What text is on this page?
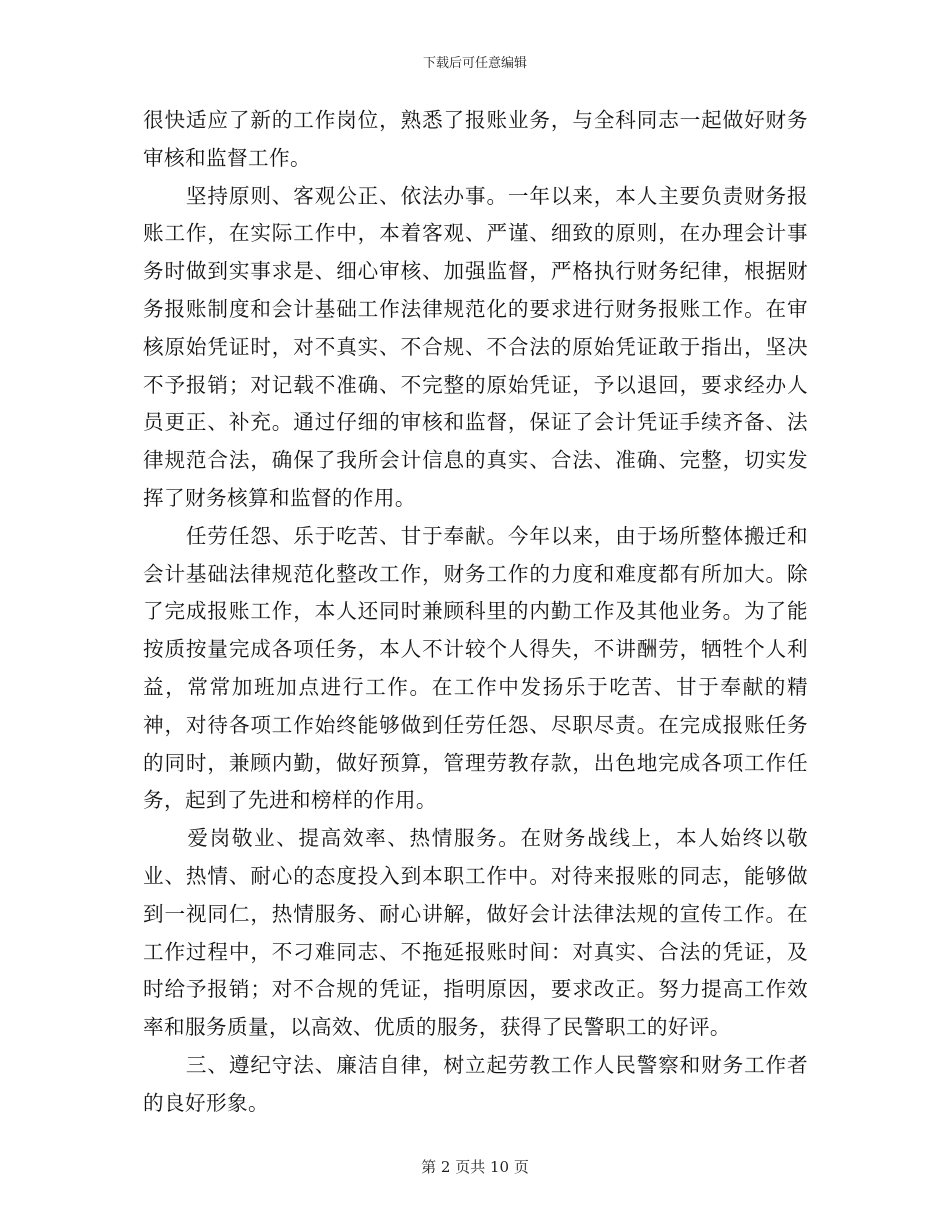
下载后可任意编辑

很快适应了新的工作岗位，熟悉了报账业务，与全科同志一起做好财务审核和监督工作。

　　坚持原则、客观公正、依法办事。一年以来，本人主要负责财务报账工作，在实际工作中，本着客观、严谨、细致的原则，在办理会计事务时做到实事求是、细心审核、加强监督，严格执行财务纪律，根据财务报账制度和会计基础工作法律规范化的要求进行财务报账工作。在审核原始凭证时，对不真实、不合规、不合法的原始凭证敢于指出，坚决不予报销；对记载不准确、不完整的原始凭证，予以退回，要求经办人员更正、补充。通过仔细的审核和监督，保证了会计凭证手续齐备、法律规范合法，确保了我所会计信息的真实、合法、准确、完整，切实发挥了财务核算和监督的作用。

　　任劳任怨、乐于吃苦、甘于奉献。今年以来，由于场所整体搬迁和会计基础法律规范化整改工作，财务工作的力度和难度都有所加大。除了完成报账工作，本人还同时兼顾科里的内勤工作及其他业务。为了能按质按量完成各项任务，本人不计较个人得失，不讲酬劳，牺牲个人利益，常常加班加点进行工作。在工作中发扬乐于吃苦、甘于奉献的精神，对待各项工作始终能够做到任劳任怨、尽职尽责。在完成报账任务的同时，兼顾内勤，做好预算，管理劳教存款，出色地完成各项工作任务，起到了先进和榜样的作用。

　　爱岗敬业、提高效率、热情服务。在财务战线上，本人始终以敬业、热情、耐心的态度投入到本职工作中。对待来报账的同志，能够做到一视同仁，热情服务、耐心讲解，做好会计法律法规的宣传工作。在工作过程中，不刁难同志、不拖延报账时间：对真实、合法的凭证，及时给予报销；对不合规的凭证，指明原因，要求改正。努力提高工作效率和服务质量，以高效、优质的服务，获得了民警职工的好评。

　　三、遵纪守法、廉洁自律，树立起劳教工作人民警察和财务工作者的良好形象。

第 2 页共 10 页
